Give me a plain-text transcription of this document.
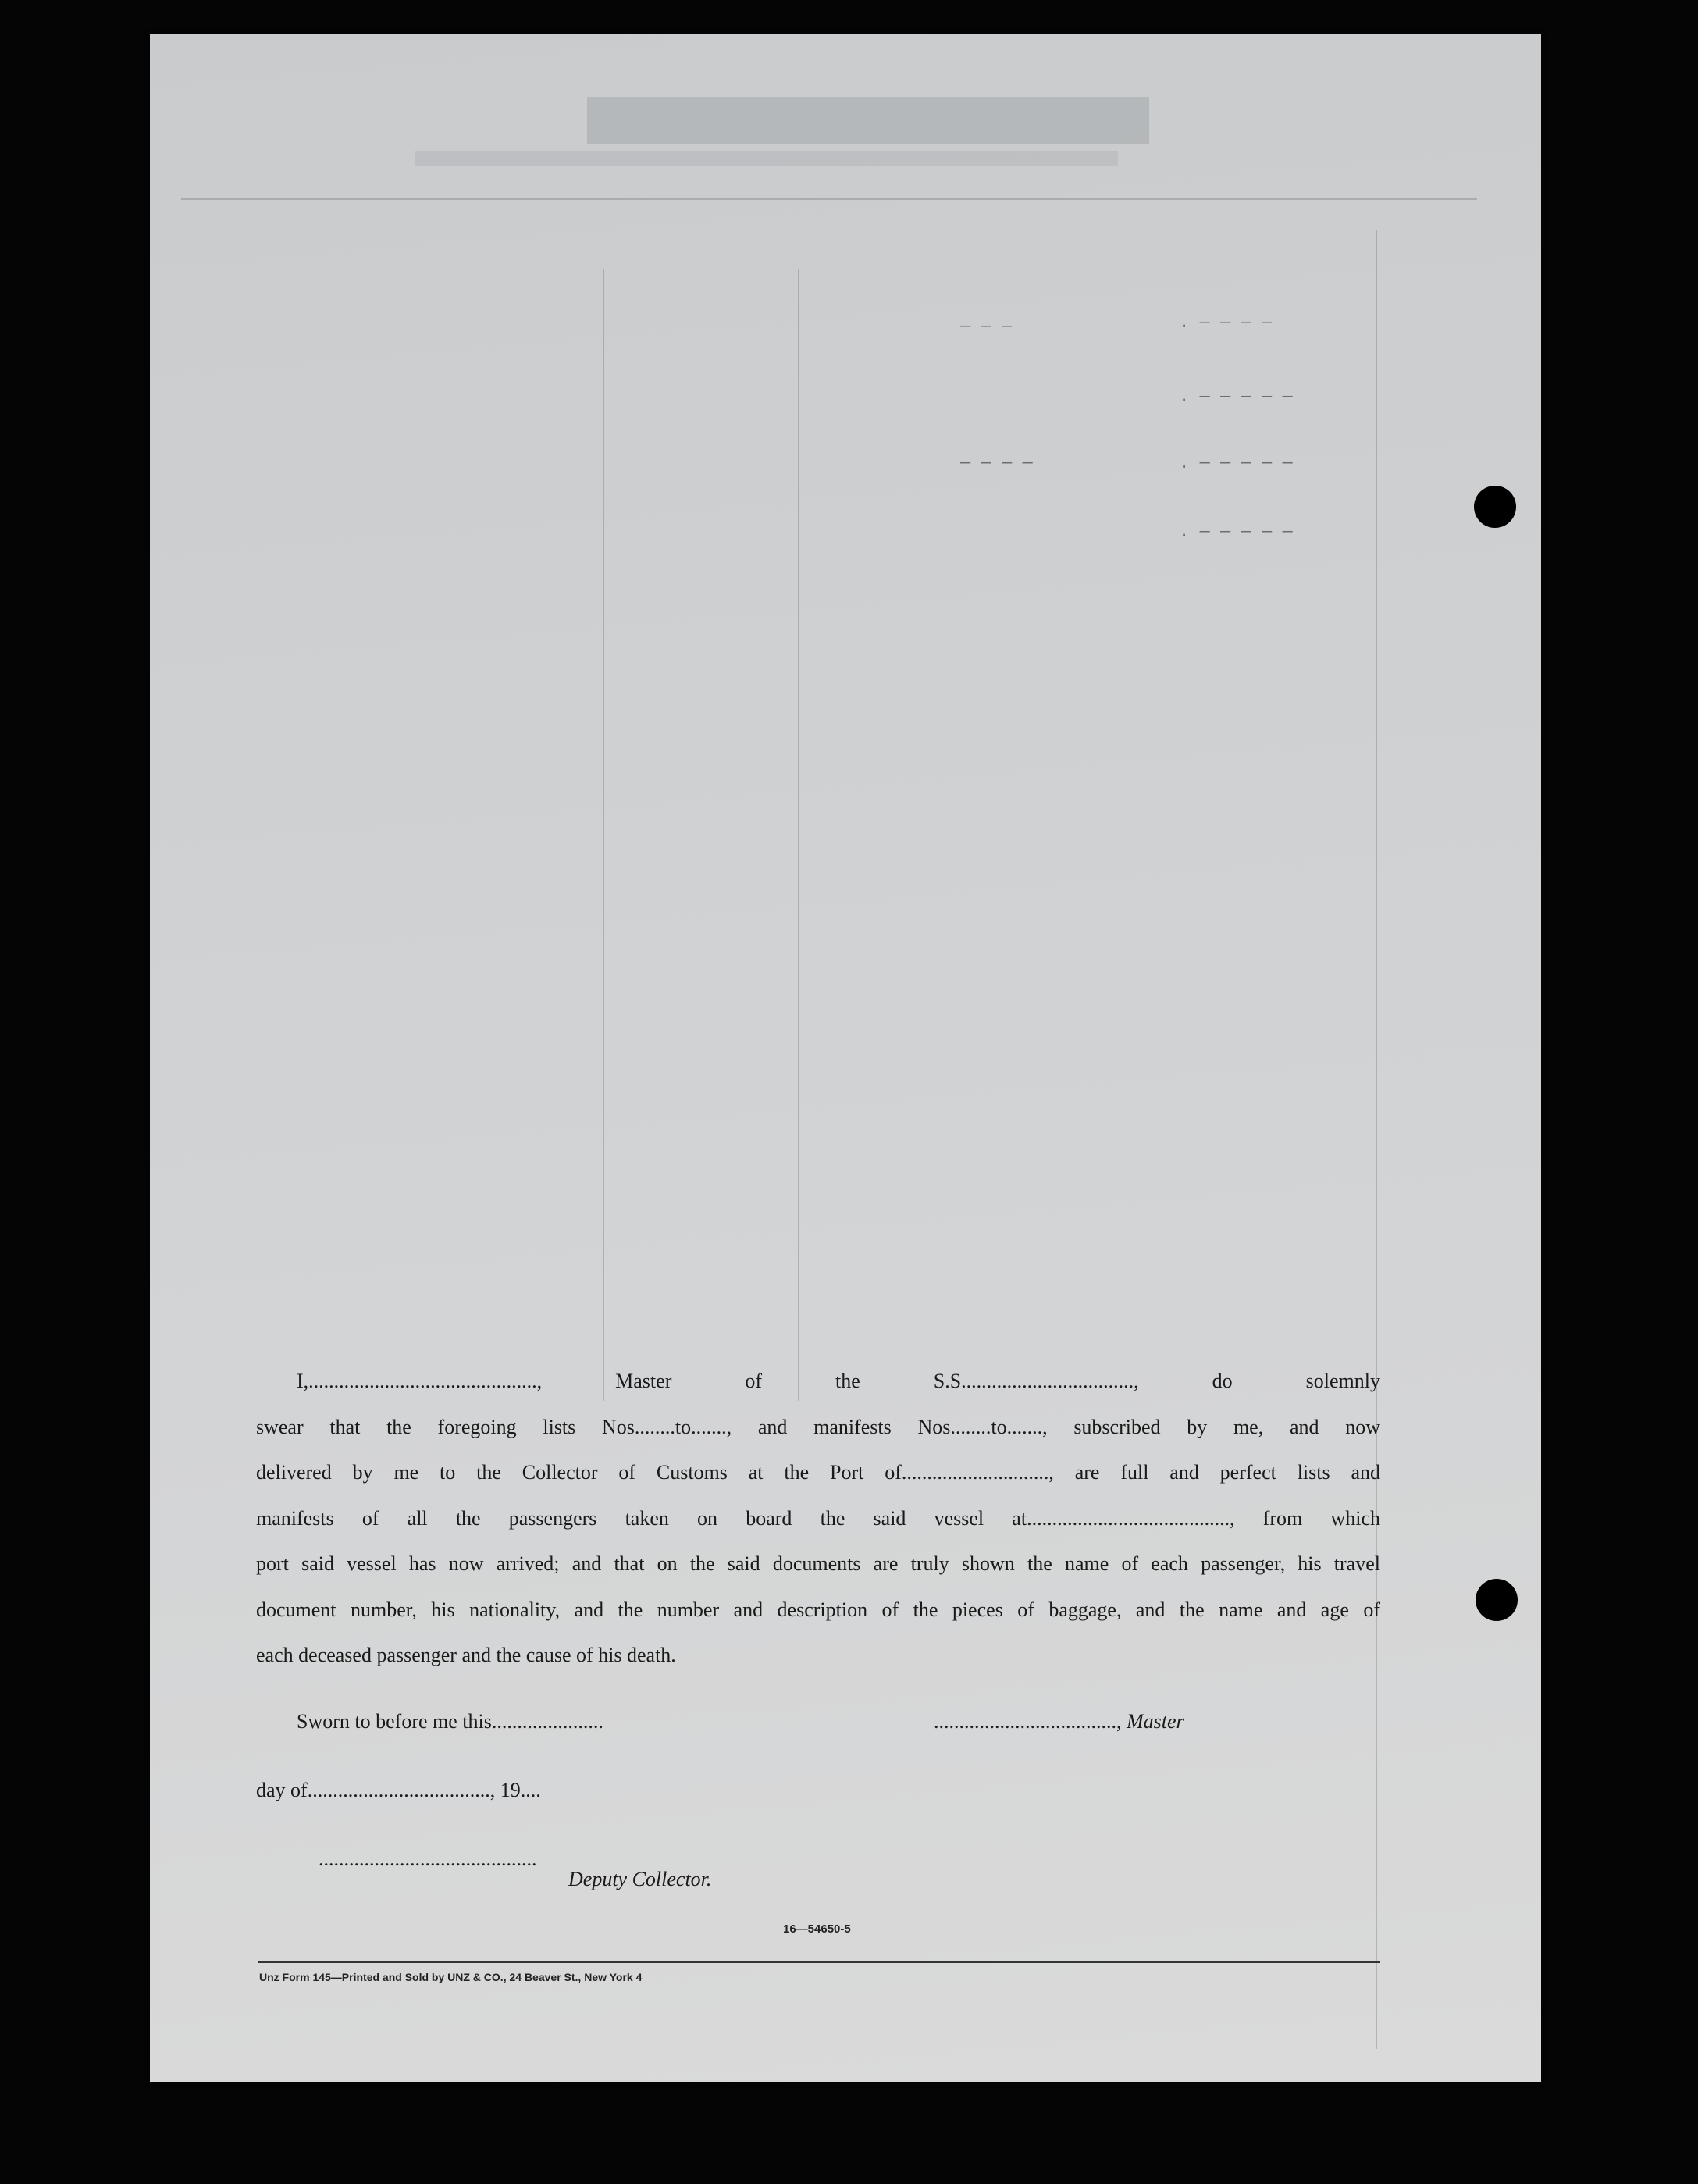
. – – – –
. – – – – –
. – – – – –
. – – – – –
– – –
– – – –

I,............................................., Master of the S.S.................................., do solemnly

swear that the foregoing lists Nos........to......., and manifests Nos........to......., subscribed by me, and now

delivered by me to the Collector of Customs at the Port of............................., are full and perfect lists and

manifests of all the passengers taken on board the said vessel at........................................, from which

port said vessel has now arrived; and that on the said documents are truly shown the name of each passenger, his travel

document number, his nationality, and the number and description of the pieces of baggage, and the name and age of

each deceased passenger and the cause of his death.

Sworn to before me this......................	...................................., Master
day of...................................., 19....
...........................................
Deputy Collector.
16—54650-5
Unz Form 145—Printed and Sold by UNZ & CO., 24 Beaver St., New York 4
